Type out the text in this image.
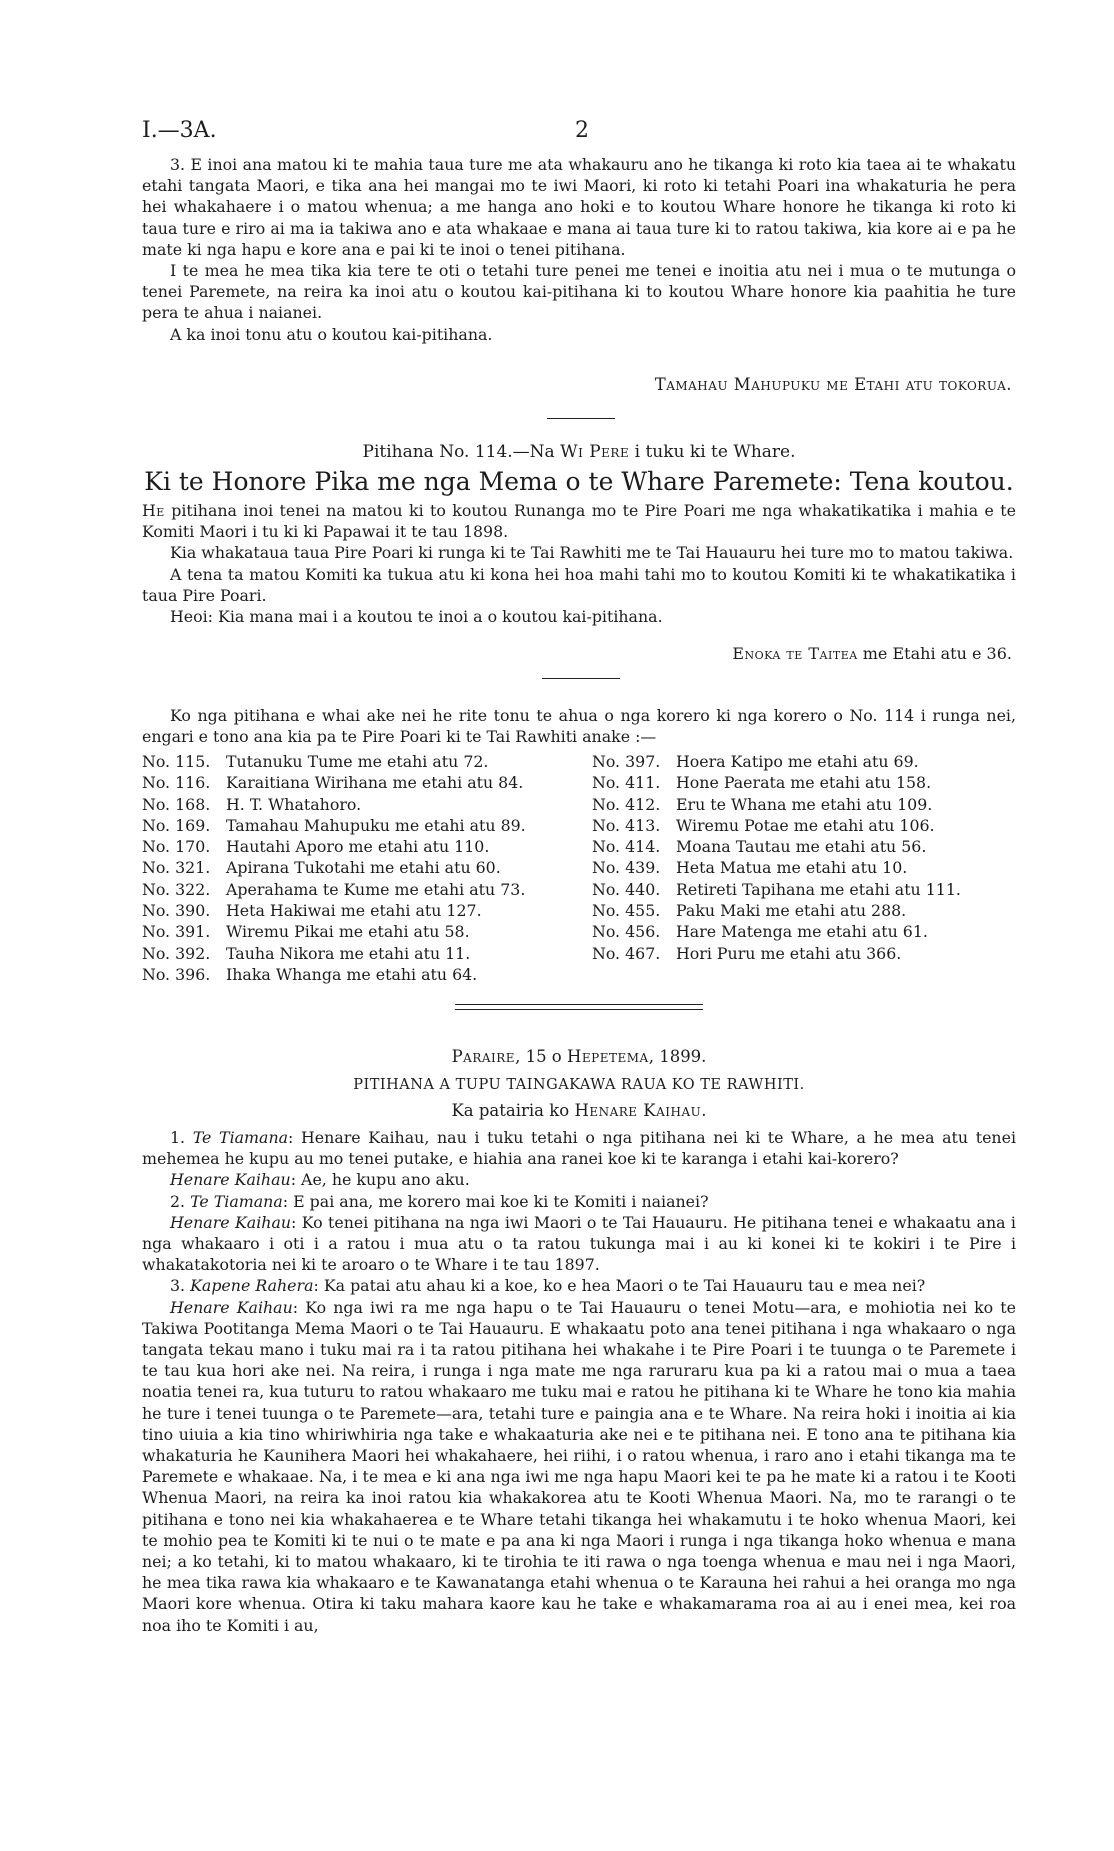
I.—3A.	2

3. E inoi ana matou ki te mahia taua ture me ata whakauru ano he tikanga ki roto kia taea ai te whakatu etahi tangata Maori, e tika ana hei mangai mo te iwi Maori, ki roto ki tetahi Poari ina whakaturia he pera hei whakahaere i o matou whenua; a me hanga ano hoki e to koutou Whare honore he tikanga ki roto ki taua ture e riro ai ma ia takiwa ano e ata whakaae e mana ai taua ture ki to ratou takiwa, kia kore ai e pa he mate ki nga hapu e kore ana e pai ki te inoi o tenei pitihana.

I te mea he mea tika kia tere te oti o tetahi ture penei me tenei e inoitia atu nei i mua o te mutunga o tenei Paremete, na reira ka inoi atu o koutou kai-pitihana ki to koutou Whare honore kia paahitia he ture pera te ahua i naianei.

A ka inoi tonu atu o koutou kai-pitihana.

Tamahau Mahupuku me Etahi atu tokorua.
Pitihana No. 114.—Na Wi Pere i tuku ki te Whare.
Ki te Honore Pika me nga Mema o te Whare Paremete: Tena koutou.

He pitihana inoi tenei na matou ki to koutou Runanga mo te Pire Poari me nga whakatikatika i mahia e te Komiti Maori i tu ki ki Papawai it te tau 1898.

Kia whakataua taua Pire Poari ki runga ki te Tai Rawhiti me te Tai Hauauru hei ture mo to matou takiwa.

A tena ta matou Komiti ka tukua atu ki kona hei hoa mahi tahi mo to koutou Komiti ki te whakatikatika i taua Pire Poari.

Heoi: Kia mana mai i a koutou te inoi a o koutou kai-pitihana.

Enoka te Taitea me Etahi atu e 36.

Ko nga pitihana e whai ake nei he rite tonu te ahua o nga korero ki nga korero o No. 114 i runga nei, engari e tono ana kia pa te Pire Poari ki te Tai Rawhiti anake :—

No. 115. Tutanuku Tume me etahi atu 72.
No. 116. Karaitiana Wirihana me etahi atu 84.
No. 168. H. T. Whatahoro.
No. 169. Tamahau Mahupuku me etahi atu 89.
No. 170. Hautahi Aporo me etahi atu 110.
No. 321. Apirana Tukotahi me etahi atu 60.
No. 322. Aperahama te Kume me etahi atu 73.
No. 390. Heta Hakiwai me etahi atu 127.
No. 391. Wiremu Pikai me etahi atu 58.
No. 392. Tauha Nikora me etahi atu 11.
No. 396. Ihaka Whanga me etahi atu 64.
No. 397. Hoera Katipo me etahi atu 69.
No. 411. Hone Paerata me etahi atu 158.
No. 412. Eru te Whana me etahi atu 109.
No. 413. Wiremu Potae me etahi atu 106.
No. 414. Moana Tautau me etahi atu 56.
No. 439. Heta Matua me etahi atu 10.
No. 440. Retireti Tapihana me etahi atu 111.
No. 455. Paku Maki me etahi atu 288.
No. 456. Hare Matenga me etahi atu 61.
No. 467. Hori Puru me etahi atu 366.
Paraire, 15 o Hepetema, 1899.
PITIHANA A TUPU TAINGAKAWA RAUA KO TE RAWHITI.
Ka patairia ko Henare Kaihau.

1. Te Tiamana: Henare Kaihau, nau i tuku tetahi o nga pitihana nei ki te Whare, a he mea atu tenei mehemea he kupu au mo tenei putake, e hiahia ana ranei koe ki te karanga i etahi kai-korero?

Henare Kaihau: Ae, he kupu ano aku.

2. Te Tiamana: E pai ana, me korero mai koe ki te Komiti i naianei?

Henare Kaihau: Ko tenei pitihana na nga iwi Maori o te Tai Hauauru. He pitihana tenei e whakaatu ana i nga whakaaro i oti i a ratou i mua atu o ta ratou tukunga mai i au ki konei ki te kokiri i te Pire i whakatakotoria nei ki te aroaro o te Whare i te tau 1897.

3. Kapene Rahera: Ka patai atu ahau ki a koe, ko e hea Maori o te Tai Hauauru tau e mea nei?

Henare Kaihau: Ko nga iwi ra me nga hapu o te Tai Hauauru o tenei Motu—ara, e mohiotia nei ko te Takiwa Pootitanga Mema Maori o te Tai Hauauru. E whakaatu poto ana tenei pitihana i nga whakaaro o nga tangata tekau mano i tuku mai ra i ta ratou pitihana hei whakahe i te Pire Poari i te tuunga o te Paremete i te tau kua hori ake nei. Na reira, i runga i nga mate me nga raruraru kua pa ki a ratou mai o mua a taea noatia tenei ra, kua tuturu to ratou whakaaro me tuku mai e ratou he pitihana ki te Whare he tono kia mahia he ture i tenei tuunga o te Paremete—ara, tetahi ture e paingia ana e te Whare. Na reira hoki i inoitia ai kia tino uiuia a kia tino whiriwhiria nga take e whakaaturia ake nei e te pitihana nei. E tono ana te pitihana kia whakaturia he Kaunihera Maori hei whakahaere, hei riihi, i o ratou whenua, i raro ano i etahi tikanga ma te Paremete e whakaae. Na, i te mea e ki ana nga iwi me nga hapu Maori kei te pa he mate ki a ratou i te Kooti Whenua Maori, na reira ka inoi ratou kia whakakorea atu te Kooti Whenua Maori. Na, mo te rarangi o te pitihana e tono nei kia whakahaerea e te Whare tetahi tikanga hei whakamutu i te hoko whenua Maori, kei te mohio pea te Komiti ki te nui o te mate e pa ana ki nga Maori i runga i nga tikanga hoko whenua e mana nei; a ko tetahi, ki to matou whakaaro, ki te tirohia te iti rawa o nga toenga whenua e mau nei i nga Maori, he mea tika rawa kia whakaaro e te Kawanatanga etahi whenua o te Karauna hei rahui a hei oranga mo nga Maori kore whenua. Otira ki taku mahara kaore kau he take e whakamarama roa ai au i enei mea, kei roa noa iho te Komiti i au,
